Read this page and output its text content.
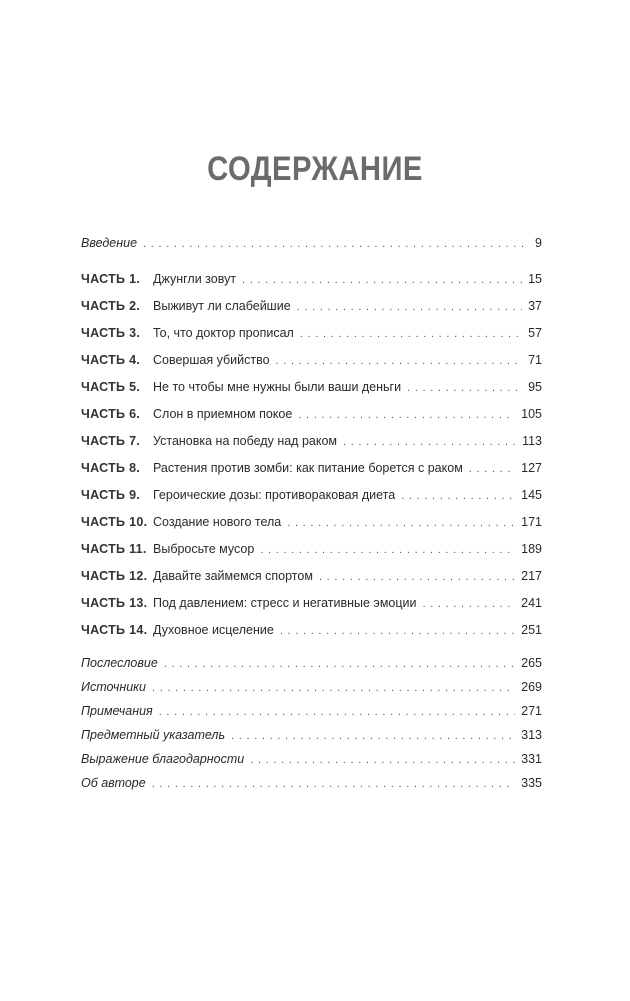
СОДЕРЖАНИЕ
Введение . . .	9
ЧАСТЬ 1.	Джунгли зовут . . .	15
ЧАСТЬ 2.	Выживут ли слабейшие . . .	37
ЧАСТЬ 3.	То, что доктор прописал . . .	57
ЧАСТЬ 4.	Совершая убийство . . .	71
ЧАСТЬ 5.	Не то чтобы мне нужны были ваши деньги . . .	95
ЧАСТЬ 6.	Слон в приемном покое . . .	105
ЧАСТЬ 7.	Установка на победу над раком . . .	113
ЧАСТЬ 8.	Растения против зомби: как питание борется с раком . . .	127
ЧАСТЬ 9.	Героические дозы: противораковая диета . . .	145
ЧАСТЬ 10. Создание нового тела . . .	171
ЧАСТЬ 11. Выбросьте мусор . . .	189
ЧАСТЬ 12. Давайте займемся спортом . . .	217
ЧАСТЬ 13. Под давлением: стресс и негативные эмоции . . .	241
ЧАСТЬ 14. Духовное исцеление . . .	251
Послесловие . . .	265
Источники . . .	269
Примечания . . .	271
Предметный указатель . . .	313
Выражение благодарности . . .	331
Об авторе . . .	335
